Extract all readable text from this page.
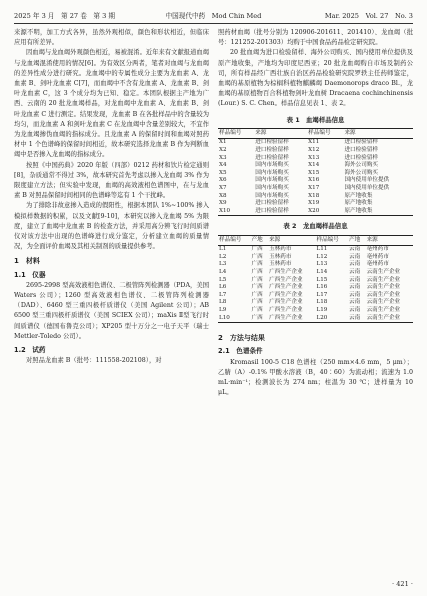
2025 年 3 月　第 27 卷　第 3 期	中国现代中药　Mod Chin Med	Mar. 2025　Vol. 27　No. 3

来源不明，加工方式各异，虽然外观相似，颜色和形状相近，但临床应用有所差异。

因血竭与龙血竭外观颜色相近，易被混淆。近年来有文献报道血竭与龙血竭混淆使用的情况[6]。为有效区分两者，笔者对血竭与龙血竭的差异性成分进行研究。龙血竭中的专属性成分主要为龙血素 A、龙血素 B、剑叶龙血素 C[7]，而血竭中不含有龙血素 A、龙血素 B、剑叶龙血素 C，这 3 个成分均为已知、稳定。本团队根据主产地为广西、云南的 20 批龙血竭样品，对龙血竭中龙血素 A、龙血素 B、剑叶龙血素 C 进行测定。结果发现，龙血素 B 在各批样品中的含量较为均匀，而龙血素 A 和剑叶龙血素 C 在龙血竭中含量差别较大，不宜作为龙血竭掺伪血竭的指标成分。且龙血素 A 的保留时间和血竭对照药材中 1 个色谱峰的保留时间相近，故本研究选择龙血素 B 作为判断血竭中是否掺入龙血竭的指标成分。

按照《中国药典》2020 年版（四部）0212 药材和饮片检定通则[8]，杂质通常不得过 3%，故本研究首先考虑以掺入龙血竭 3% 作为限度建立方法；但实验中发现，血竭的高效液相色谱图中，在与龙血素 B 对照品保留时间相同的色谱峰等迄有 1 个干扰峰。

为了排除非故意掺入造成的假阳性，根据本团队 1%~100% 掺入模拟样数据的积累，以及文献[9-10]，本研究以掺入龙血竭 5% 为限度，建立了血竭中龙血素 B 的检查方法，并采用高分辨飞行时间质谱仪对该方法中出现的色谱峰进行成分鉴定，分析建立血竭的质量情况，为全面评价血竭及其相关制剂的质量提供参考。

1　材料
1.1　仪器

2695-2998 型高效液相色谱仪、二极管阵列检测器（PDA，美国 Waters 公司）；1260 型高效液相色谱仪、二极管阵列检测器（DAD）、6460 型三重四极杆质谱仪（美国 Agilent 公司）；AB 6500 型三重四极杆质谱仪（美国 SCIEX 公司）；maXis Ⅱ型飞行时间质谱仪（德国布鲁克公司）；XP205 型十万分之一电子天平（瑞士 Mettler-Toledo 公司）。

1.2　试药

对照品龙血素 B（批号：111558-202108），对

照药材血竭（批号分别为 120906-201611、201410）、龙血竭（批号：121252-201303）均购于中国食品药品检定研究院。

20 批血竭为进口检验留样、海外公司购买、国内使用单位提供及原产地收集，产地均为印度尼西亚；20 批龙血竭购自市场及制药公司，所有样品经广西壮族自治区药品检验研究院罗轶主任药师鉴定，血竭的基原植物为棕榈科植物麒麟竭 Daemonorops draco Bl.，龙血竭的基原植物百合科植物剑叶龙血树 Dracaena cochinchinensis (Lour.) S. C. Chen。样品信息见表 1、表 2。

表 1　血竭样品信息
样品编号	来源	样品编号	来源
X1	进口检验留样	X11	进口检验留样
X2	进口检验留样	X12	进口检验留样
X3	进口检验留样	X13	进口检验留样
X4	国内市场购买	X14	海外公司购买
X5	国内市场购买	X15	海外公司购买
X6	国内市场购买	X16	国内使用单位提供
X7	国内市场购买	X17	国内使用单位提供
X8	国内市场购买	X18	原产地收集
X9	进口检验留样	X19	原产地收集
X10	进口检验留样	X20	原产地收集
表 2　龙血竭样品信息
样品编号	产地	来源	样品编号	产地	来源
L1	广西	玉林药市	L11	云南	亳州药市
L2	广西	玉林药市	L12	云南	亳州药市
L3	广西	玉林药市	L13	云南	亳州药市
L4	广西	广西生产企业	L14	云南	云南生产企业
L5	广西	广西生产企业	L15	云南	云南生产企业
L6	广西	广西生产企业	L16	云南	云南生产企业
L7	广西	广西生产企业	L17	云南	云南生产企业
L8	广西	广西生产企业	L18	云南	云南生产企业
L9	广西	广西生产企业	L19	云南	云南生产企业
L10	广西	广西生产企业	L20	云南	云南生产企业
2　方法与结果
2.1　色谱条件

Kromasil 100-5 C18 色谱柱（250 mm×4.6 mm，5 μm）；乙腈（A）-0.1% 甲酸水溶液（B，40∶60）为流动相；流速为 1.0 mL·min⁻¹；检测波长为 274 nm；柱温为 30 ℃；进样量为 10 μL。

· 421 ·
